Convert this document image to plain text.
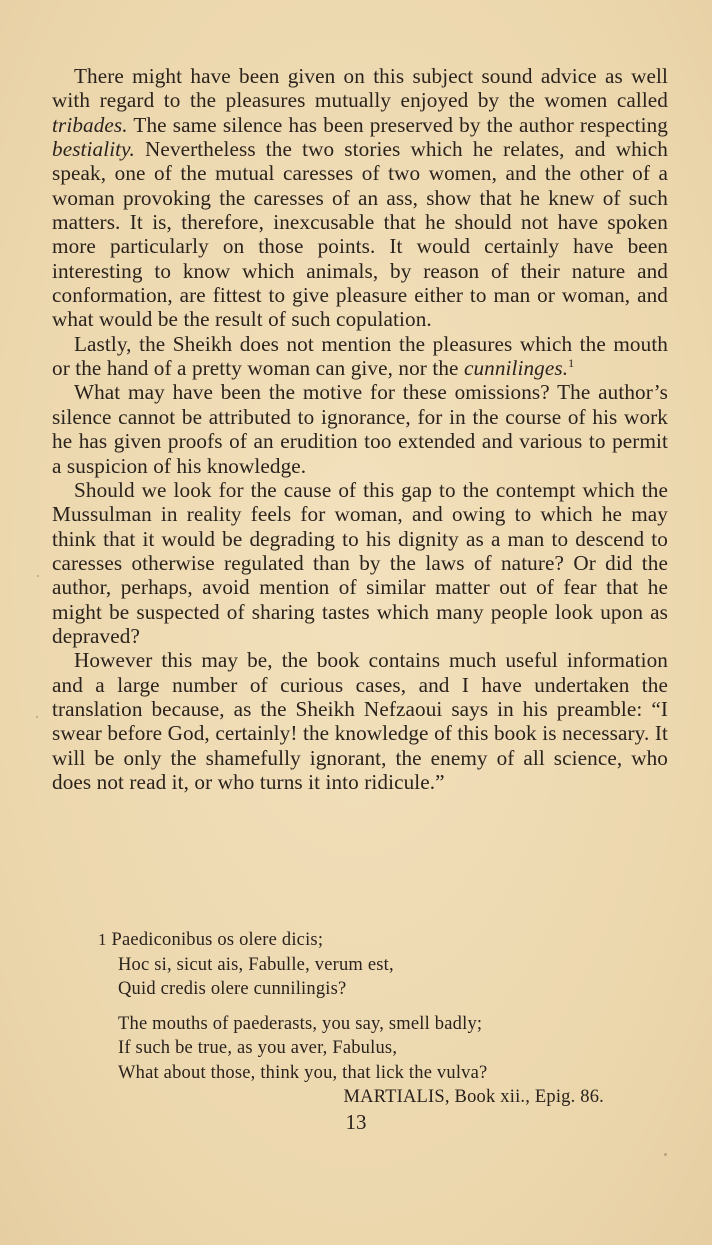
There might have been given on this subject sound advice as well with regard to the pleasures mutually enjoyed by the women called tribades. The same silence has been preserved by the author respecting bestiality. Nevertheless the two stories which he relates, and which speak, one of the mutual caresses of two women, and the other of a woman provoking the caresses of an ass, show that he knew of such matters. It is, therefore, inexcusable that he should not have spoken more particularly on those points. It would certainly have been interesting to know which animals, by reason of their nature and conformation, are fittest to give pleasure either to man or woman, and what would be the result of such copulation.

Lastly, the Sheikh does not mention the pleasures which the mouth or the hand of a pretty woman can give, nor the cunnilinges.$^1$

What may have been the motive for these omissions? The author’s silence cannot be attributed to ignorance, for in the course of his work he has given proofs of an erudition too extended and various to permit a suspicion of his knowledge.

Should we look for the cause of this gap to the contempt which the Mussulman in reality feels for woman, and owing to which he may think that it would be degrading to his dignity as a man to descend to caresses otherwise regulated than by the laws of nature? Or did the author, perhaps, avoid mention of similar matter out of fear that he might be suspected of sharing tastes which many people look upon as depraved?

However this may be, the book contains much useful information and a large number of curious cases, and I have undertaken the translation because, as the Sheikh Nefzaoui says in his preamble: “I swear before God, certainly! the knowledge of this book is necessary. It will be only the shamefully ignorant, the enemy of all science, who does not read it, or who turns it into ridicule.”

1 Paediconibus os olere dicis;
Hoc si, sicut ais, Fabulle, verum est,
Quid credis olere cunnilingis?
The mouths of paederasts, you say, smell badly;
If such be true, as you aver, Fabulus,
What about those, think you, that lick the vulva?
MARTIALIS, Book xii., Epig. 86.
13
